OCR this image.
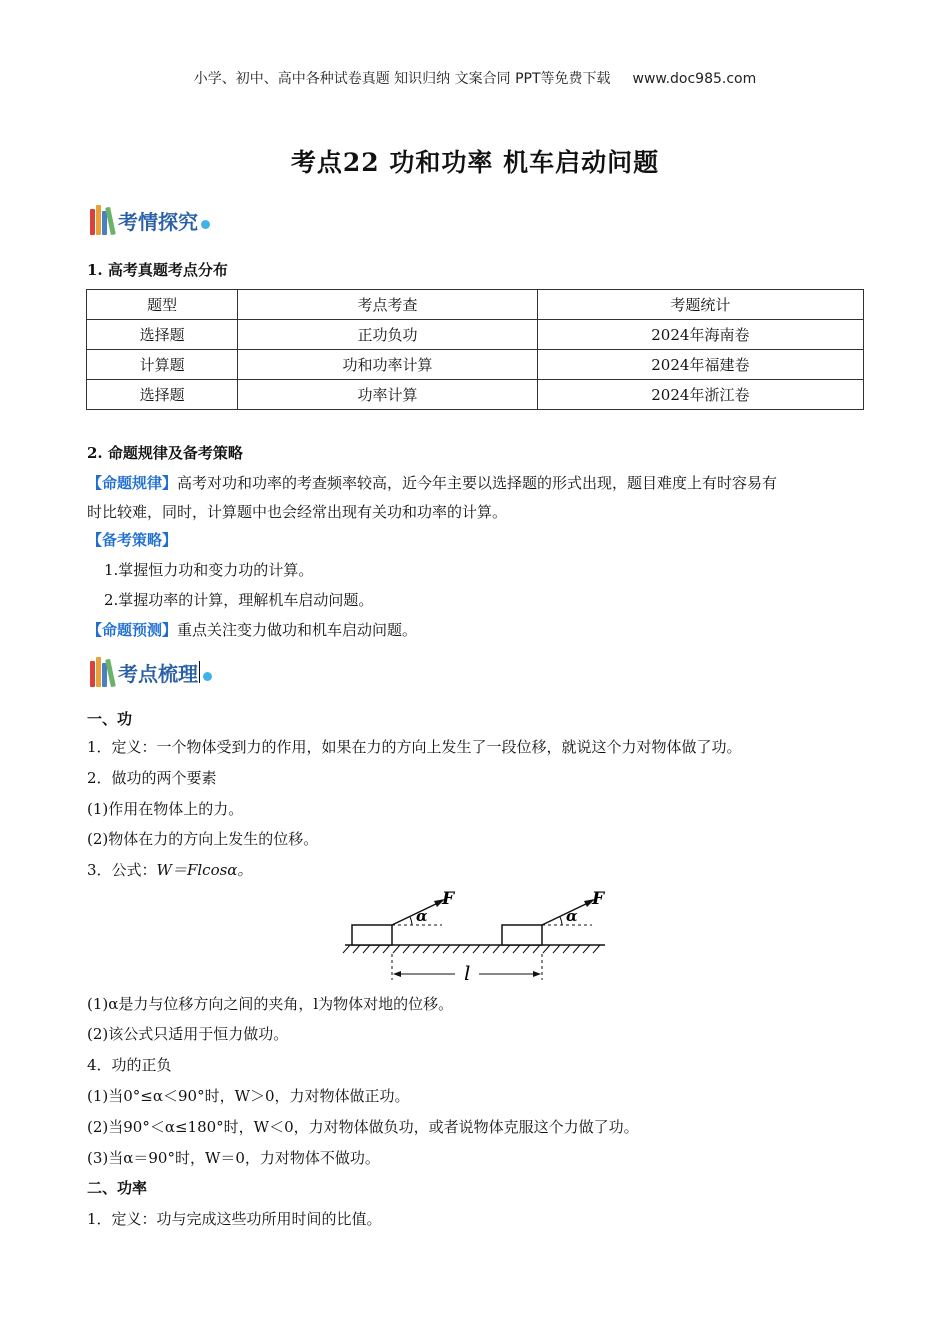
小学、初中、高中各种试卷真题 知识归纳 文案合同 PPT等免费下载 www.doc985.com
考点22 功和功率 机车启动问题
考情探究
1. 高考真题考点分布
题型	考点考查	考题统计
选择题	正功负功	2024年海南卷
计算题	功和功率计算	2024年福建卷
选择题	功率计算	2024年浙江卷
2. 命题规律及备考策略
【命题规律】高考对功和功率的考查频率较高，近今年主要以选择题的形式出现，题目难度上有时容易有
时比较难，同时，计算题中也会经常出现有关功和功率的计算。
【备考策略】
1.掌握恒力功和变力功的计算。
2.掌握功率的计算，理解机车启动问题。
【命题预测】重点关注变力做功和机车启动问题。
考点梳理
一、功
1．定义：一个物体受到力的作用，如果在力的方向上发生了一段位移，就说这个力对物体做了功。
2．做功的两个要素
(1)作用在物体上的力。
(2)物体在力的方向上发生的位移。
3．公式：W＝Flcosα。
F	F
α	α
l
(1)α是力与位移方向之间的夹角，l为物体对地的位移。
(2)该公式只适用于恒力做功。
4．功的正负
(1)当0°≤α＜90°时，W＞0，力对物体做正功。
(2)当90°＜α≤180°时，W＜0，力对物体做负功，或者说物体克服这个力做了功。
(3)当α＝90°时，W＝0，力对物体不做功。
二、功率
1．定义：功与完成这些功所用时间的比值。
